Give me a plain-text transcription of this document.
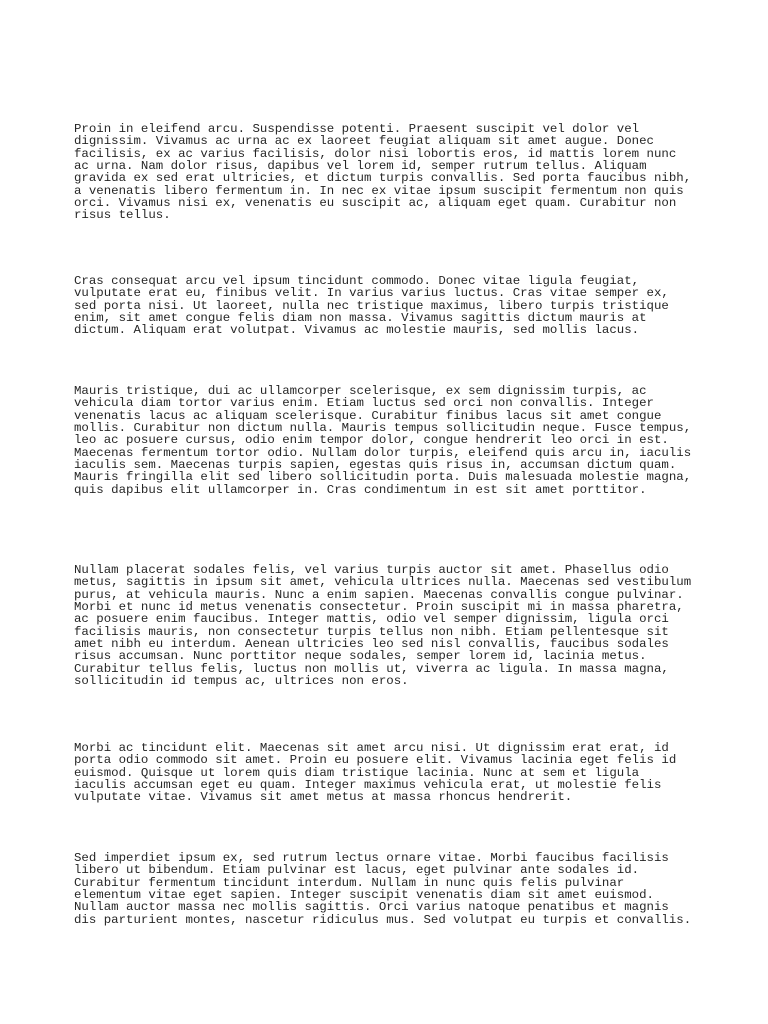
Proin in eleifend arcu. Suspendisse potenti. Praesent suscipit vel dolor vel dignissim. Vivamus ac urna ac ex laoreet feugiat aliquam sit amet augue. Donec facilisis, ex ac varius facilisis, dolor nisi lobortis eros, id mattis lorem nunc ac urna. Nam dolor risus, dapibus vel lorem id, semper rutrum tellus. Aliquam gravida ex sed erat ultricies, et dictum turpis convallis. Sed porta faucibus nibh, a venenatis libero fermentum in. In nec ex vitae ipsum suscipit fermentum non quis orci. Vivamus nisi ex, venenatis eu suscipit ac, aliquam eget quam. Curabitur non risus tellus.

Cras consequat arcu vel ipsum tincidunt commodo. Donec vitae ligula feugiat, vulputate erat eu, finibus velit. In varius varius luctus. Cras vitae semper ex, sed porta nisi. Ut laoreet, nulla nec tristique maximus, libero turpis tristique enim, sit amet congue felis diam non massa. Vivamus sagittis dictum mauris at dictum. Aliquam erat volutpat. Vivamus ac molestie mauris, sed mollis lacus.

Mauris tristique, dui ac ullamcorper scelerisque, ex sem dignissim turpis, ac vehicula diam tortor varius enim. Etiam luctus sed orci non convallis. Integer venenatis lacus ac aliquam scelerisque. Curabitur finibus lacus sit amet congue mollis. Curabitur non dictum nulla. Mauris tempus sollicitudin neque. Fusce tempus, leo ac posuere cursus, odio enim tempor dolor, congue hendrerit leo orci in est. Maecenas fermentum tortor odio. Nullam dolor turpis, eleifend quis arcu in, iaculis iaculis sem. Maecenas turpis sapien, egestas quis risus in, accumsan dictum quam. Mauris fringilla elit sed libero sollicitudin porta. Duis malesuada molestie magna, quis dapibus elit ullamcorper in. Cras condimentum in est sit amet porttitor.

Nullam placerat sodales felis, vel varius turpis auctor sit amet. Phasellus odio metus, sagittis in ipsum sit amet, vehicula ultrices nulla. Maecenas sed vestibulum purus, at vehicula mauris. Nunc a enim sapien. Maecenas convallis congue pulvinar. Morbi et nunc id metus venenatis consectetur. Proin suscipit mi in massa pharetra, ac posuere enim faucibus. Integer mattis, odio vel semper dignissim, ligula orci facilisis mauris, non consectetur turpis tellus non nibh. Etiam pellentesque sit amet nibh eu interdum. Aenean ultricies leo sed nisl convallis, faucibus sodales risus accumsan. Nunc porttitor neque sodales, semper lorem id, lacinia metus. Curabitur tellus felis, luctus non mollis ut, viverra ac ligula. In massa magna, sollicitudin id tempus ac, ultrices non eros.

Morbi ac tincidunt elit. Maecenas sit amet arcu nisi. Ut dignissim erat erat, id porta odio commodo sit amet. Proin eu posuere elit. Vivamus lacinia eget felis id euismod. Quisque ut lorem quis diam tristique lacinia. Nunc at sem et ligula iaculis accumsan eget eu quam. Integer maximus vehicula erat, ut molestie felis vulputate vitae. Vivamus sit amet metus at massa rhoncus hendrerit.

Sed imperdiet ipsum ex, sed rutrum lectus ornare vitae. Morbi faucibus facilisis libero ut bibendum. Etiam pulvinar est lacus, eget pulvinar ante sodales id. Curabitur fermentum tincidunt interdum. Nullam in nunc quis felis pulvinar elementum vitae eget sapien. Integer suscipit venenatis diam sit amet euismod. Nullam auctor massa nec mollis sagittis. Orci varius natoque penatibus et magnis dis parturient montes, nascetur ridiculus mus. Sed volutpat eu turpis et convallis.
